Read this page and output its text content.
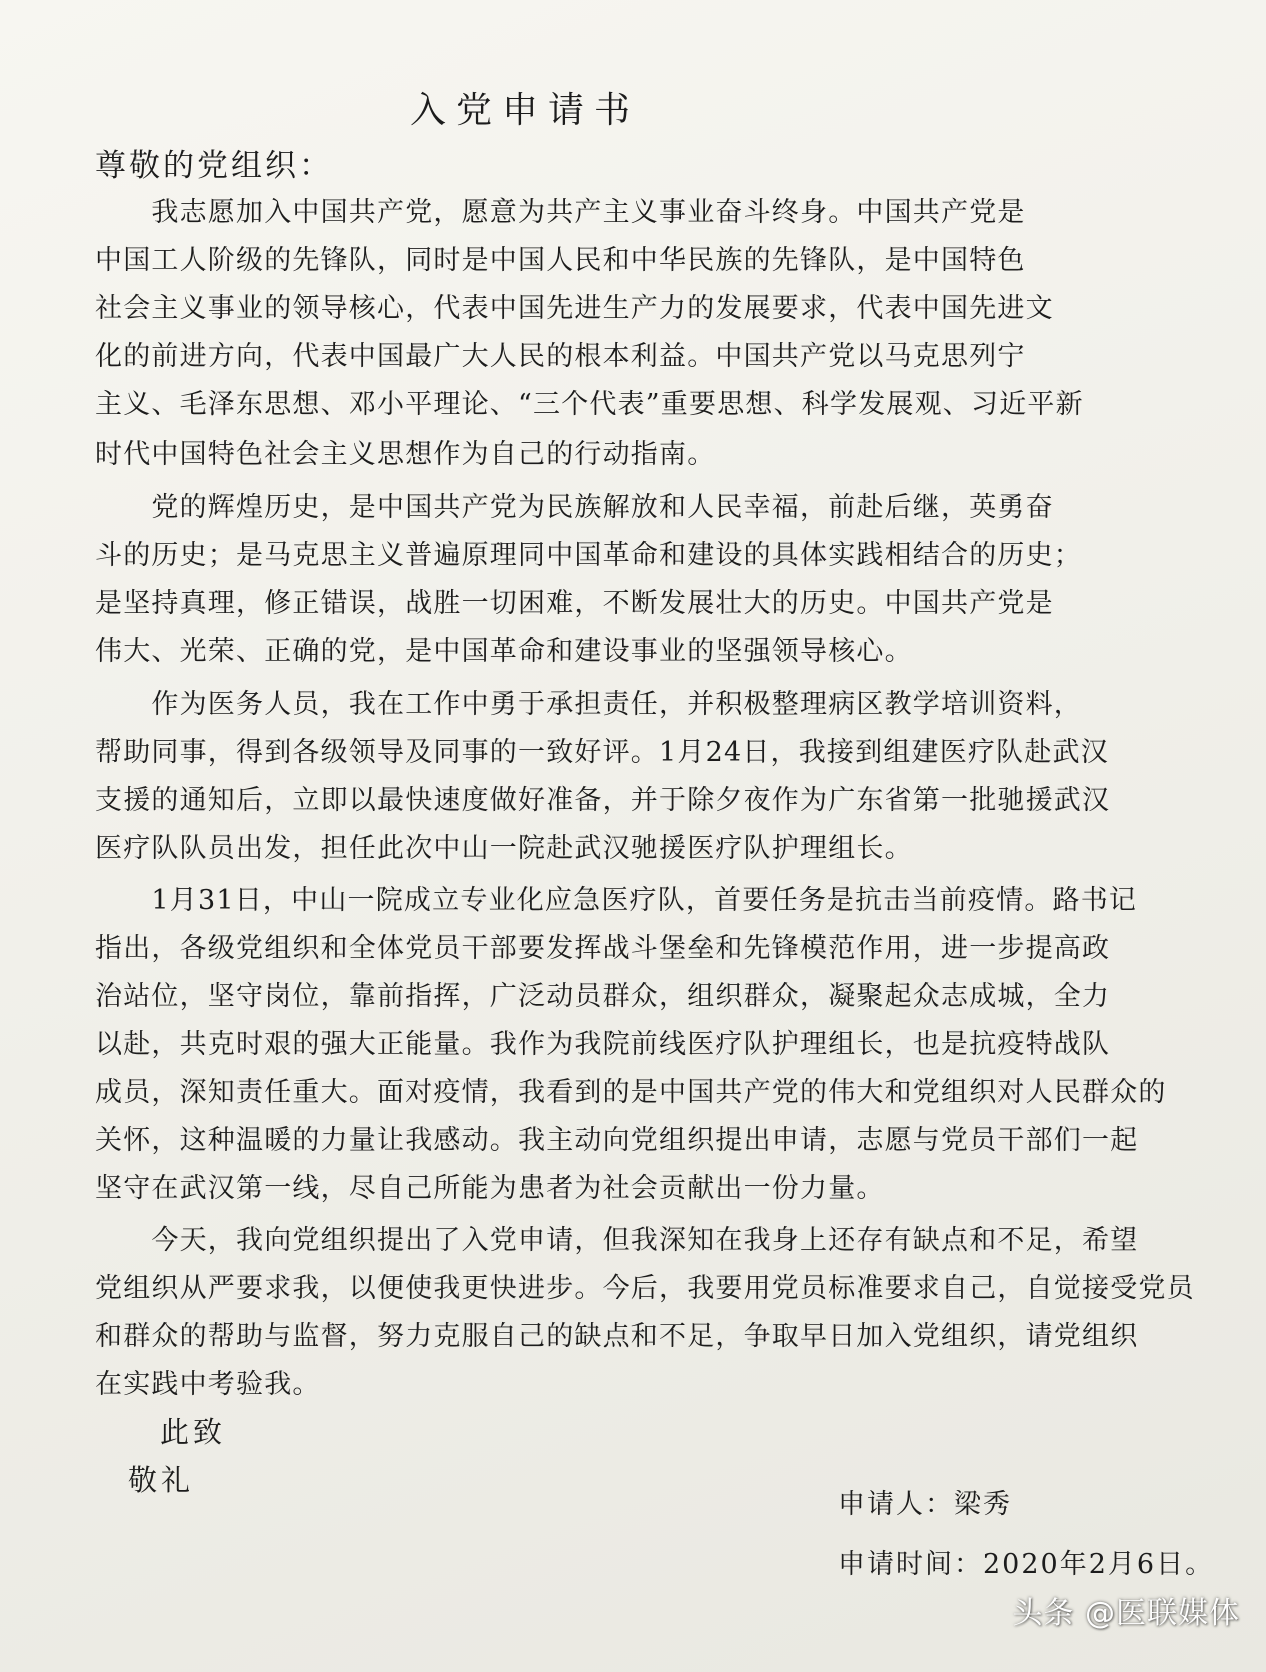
入党申请书
尊敬的党组织：
　　我志愿加入中国共产党，愿意为共产主义事业奋斗终身。中国共产党是
中国工人阶级的先锋队，同时是中国人民和中华民族的先锋队，是中国特色
社会主义事业的领导核心，代表中国先进生产力的发展要求，代表中国先进文
化的前进方向，代表中国最广大人民的根本利益。中国共产党以马克思列宁
主义、毛泽东思想、邓小平理论、“三个代表”重要思想、科学发展观、习近平新
时代中国特色社会主义思想作为自己的行动指南。
　　党的辉煌历史，是中国共产党为民族解放和人民幸福，前赴后继，英勇奋
斗的历史；是马克思主义普遍原理同中国革命和建设的具体实践相结合的历史；
是坚持真理，修正错误，战胜一切困难，不断发展壮大的历史。中国共产党是
伟大、光荣、正确的党，是中国革命和建设事业的坚强领导核心。
　　作为医务人员，我在工作中勇于承担责任，并积极整理病区教学培训资料，
帮助同事，得到各级领导及同事的一致好评。1月24日，我接到组建医疗队赴武汉
支援的通知后，立即以最快速度做好准备，并于除夕夜作为广东省第一批驰援武汉
医疗队队员出发，担任此次中山一院赴武汉驰援医疗队护理组长。
　　1月31日，中山一院成立专业化应急医疗队，首要任务是抗击当前疫情。路书记
指出，各级党组织和全体党员干部要发挥战斗堡垒和先锋模范作用，进一步提高政
治站位，坚守岗位，靠前指挥，广泛动员群众，组织群众，凝聚起众志成城，全力
以赴，共克时艰的强大正能量。我作为我院前线医疗队护理组长，也是抗疫特战队
成员，深知责任重大。面对疫情，我看到的是中国共产党的伟大和党组织对人民群众的
关怀，这种温暖的力量让我感动。我主动向党组织提出申请，志愿与党员干部们一起
坚守在武汉第一线，尽自己所能为患者为社会贡献出一份力量。
　　今天，我向党组织提出了入党申请，但我深知在我身上还存有缺点和不足，希望
党组织从严要求我，以便使我更快进步。今后，我要用党员标准要求自己，自觉接受党员
和群众的帮助与监督，努力克服自己的缺点和不足，争取早日加入党组织，请党组织
在实践中考验我。
此致
敬礼
申请人：梁秀
申请时间：2020年2月6日。
头条 @医联媒体
